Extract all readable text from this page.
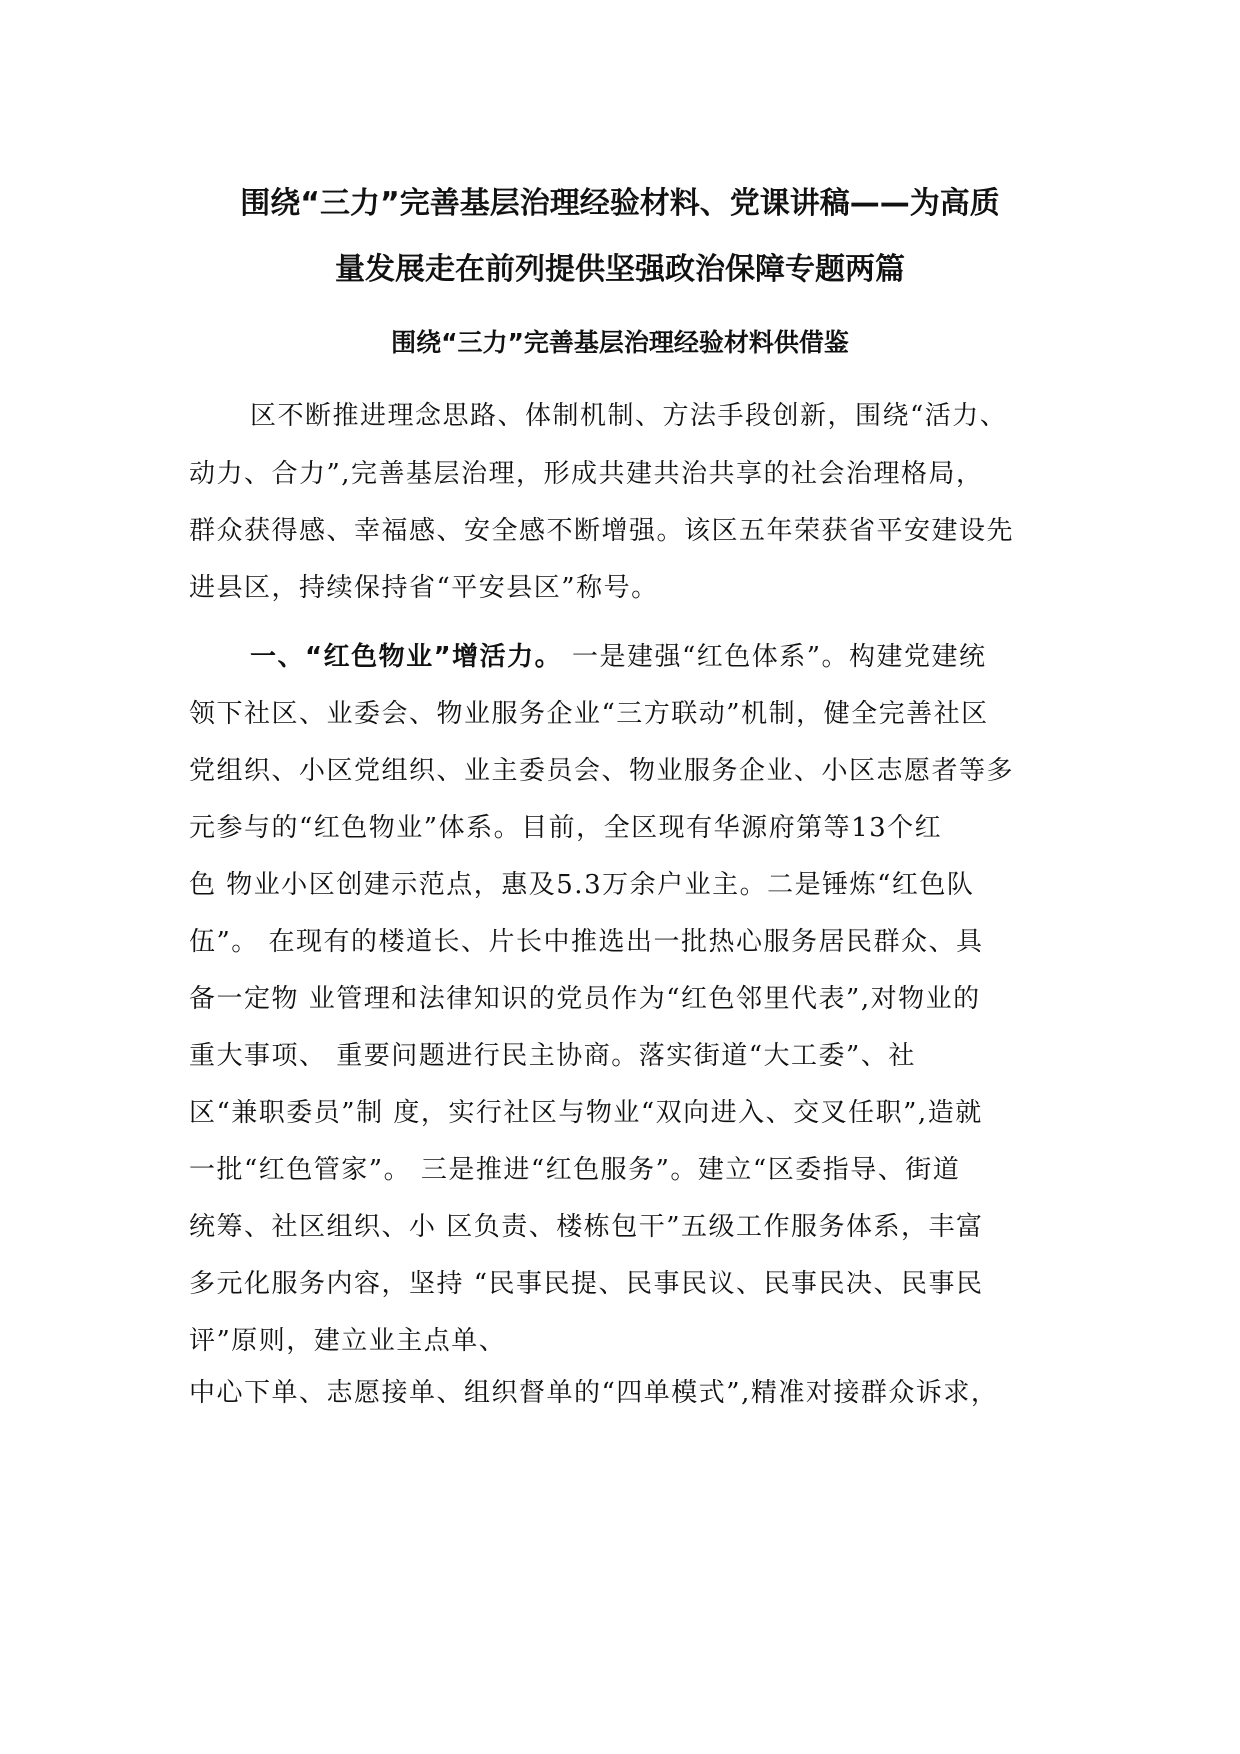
围绕“三力”完善基层治理经验材料、党课讲稿——为高质
量发展走在前列提供坚强政治保障专题两篇
围绕“三力”完善基层治理经验材料供借鉴
区不断推进理念思路、体制机制、方法手段创新，围绕“活力、
动力、合力”,完善基层治理，形成共建共治共享的社会治理格局，
群众获得感、幸福感、安全感不断增强。该区五年荣获省平安建设先
进县区，持续保持省“平安县区”称号。
一、“红色物业”增活力。 一是建强“红色体系”。构建党建统
领下社区、业委会、物业服务企业“三方联动”机制，健全完善社区
党组织、小区党组织、业主委员会、物业服务企业、小区志愿者等多
元参与的“红色物业”体系。目前，全区现有华源府第等13个红
色 物业小区创建示范点，惠及5.3万余户业主。二是锤炼“红色队
伍”。 在现有的楼道长、片长中推选出一批热心服务居民群众、具
备一定物 业管理和法律知识的党员作为“红色邻里代表”,对物业的
重大事项、 重要问题进行民主协商。落实街道“大工委”、社
区“兼职委员”制 度，实行社区与物业“双向进入、交叉任职”,造就
一批“红色管家”。 三是推进“红色服务”。建立“区委指导、街道
统筹、社区组织、小 区负责、楼栋包干”五级工作服务体系，丰富
多元化服务内容，坚持 “民事民提、民事民议、民事民决、民事民
评”原则，建立业主点单、
中心下单、志愿接单、组织督单的“四单模式”,精准对接群众诉求，
